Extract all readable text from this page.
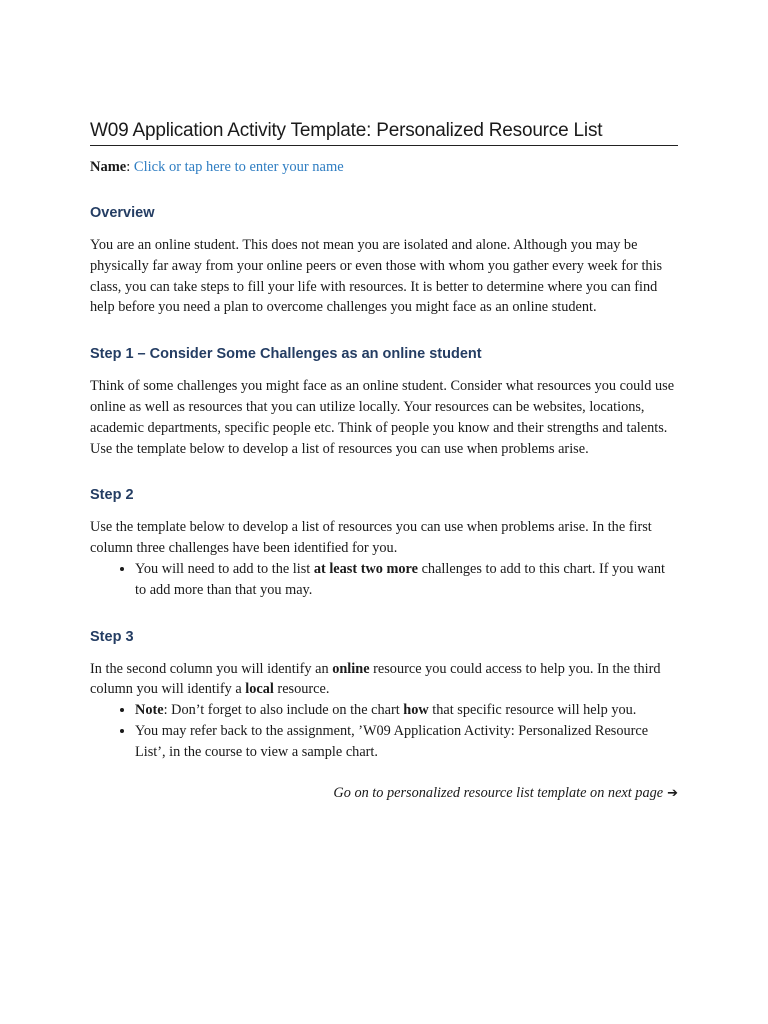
W09 Application Activity Template: Personalized Resource List
Name: Click or tap here to enter your name
Overview

You are an online student. This does not mean you are isolated and alone. Although you may be physically far away from your online peers or even those with whom you gather every week for this class, you can take steps to fill your life with resources. It is better to determine where you can find help before you need a plan to overcome challenges you might face as an online student.

Step 1 – Consider Some Challenges as an online student

Think of some challenges you might face as an online student. Consider what resources you could use online as well as resources that you can utilize locally. Your resources can be websites, locations, academic departments, specific people etc. Think of people you know and their strengths and talents. Use the template below to develop a list of resources you can use when problems arise.

Step 2

Use the template below to develop a list of resources you can use when problems arise. In the first column three challenges have been identified for you.

• You will need to add to the list at least two more challenges to add to this chart. If you want to add more than that you may.
Step 3

In the second column you will identify an online resource you could access to help you. In the third column you will identify a local resource.

• Note: Don’t forget to also include on the chart how that specific resource will help you.
• You may refer back to the assignment, ’W09 Application Activity: Personalized Resource List’, in the course to view a sample chart.
Go on to personalized resource list template on next page ➔
